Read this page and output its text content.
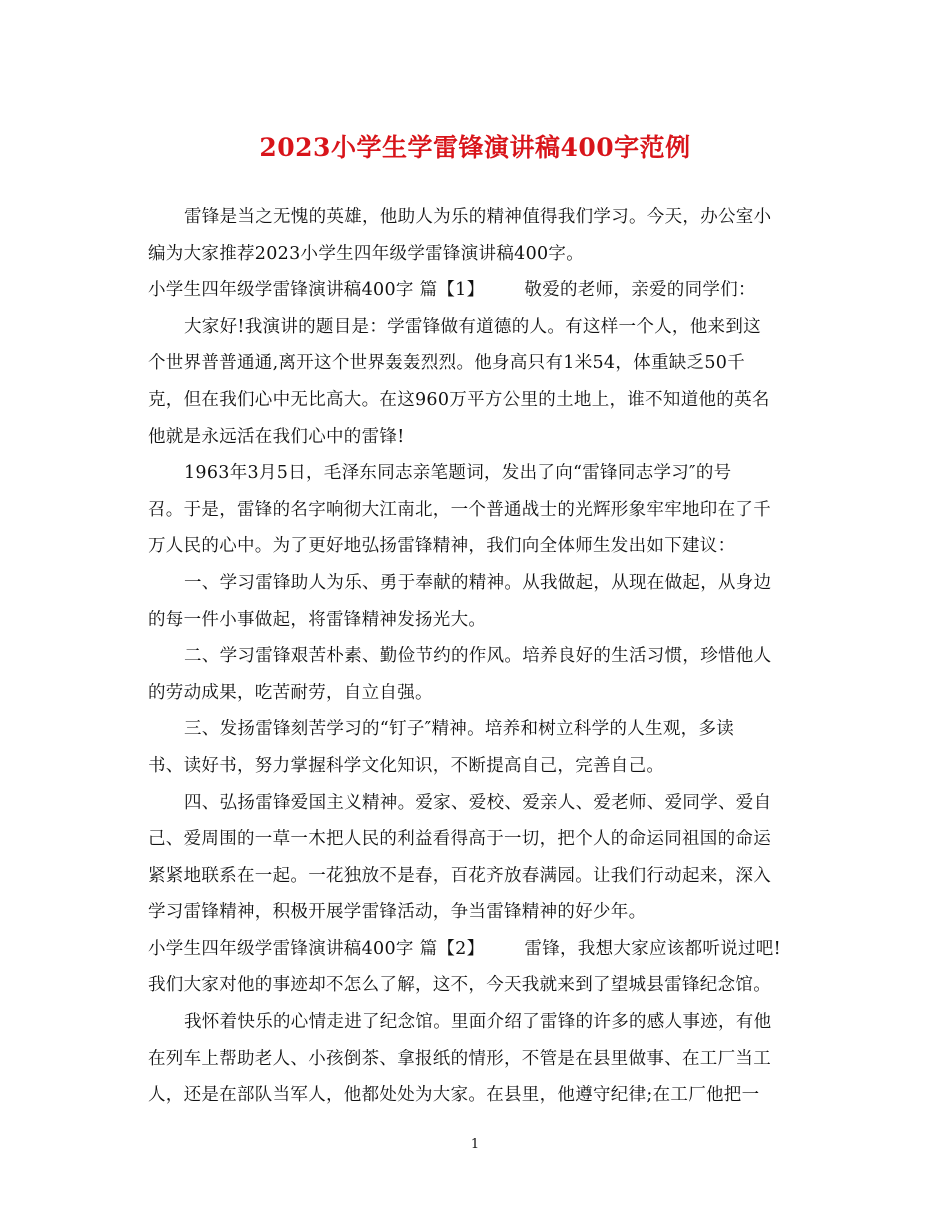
2023小学生学雷锋演讲稿400字范例
雷锋是当之无愧的英雄，他助人为乐的精神值得我们学习。今天，办公室小
编为大家推荐2023小学生四年级学雷锋演讲稿400字。
小学生四年级学雷锋演讲稿400字 篇【1】 敬爱的老师，亲爱的同学们：
大家好!我演讲的题目是：学雷锋做有道德的人。有这样一个人，他来到这
个世界普普通通,离开这个世界轰轰烈烈。他身高只有1米54，体重缺乏50千
克，但在我们心中无比高大。在这960万平方公里的土地上，谁不知道他的英名
他就是永远活在我们心中的雷锋!
1963年3月5日，毛泽东同志亲笔题词，发出了向“雷锋同志学习″的号
召。于是，雷锋的名字响彻大江南北，一个普通战士的光辉形象牢牢地印在了千
万人民的心中。为了更好地弘扬雷锋精神，我们向全体师生发出如下建议：
一、学习雷锋助人为乐、勇于奉献的精神。从我做起，从现在做起，从身边
的每一件小事做起，将雷锋精神发扬光大。
二、学习雷锋艰苦朴素、勤俭节约的作风。培养良好的生活习惯，珍惜他人
的劳动成果，吃苦耐劳，自立自强。
三、发扬雷锋刻苦学习的“钉子″精神。培养和树立科学的人生观，多读
书、读好书，努力掌握科学文化知识，不断提高自己，完善自己。
四、弘扬雷锋爱国主义精神。爱家、爱校、爱亲人、爱老师、爱同学、爱自
己、爱周围的一草一木把人民的利益看得高于一切，把个人的命运同祖国的命运
紧紧地联系在一起。一花独放不是春，百花齐放春满园。让我们行动起来，深入
学习雷锋精神，积极开展学雷锋活动，争当雷锋精神的好少年。
小学生四年级学雷锋演讲稿400字 篇【2】 雷锋，我想大家应该都听说过吧!
我们大家对他的事迹却不怎么了解，这不，今天我就来到了望城县雷锋纪念馆。
我怀着快乐的心情走进了纪念馆。里面介绍了雷锋的许多的感人事迹，有他
在列车上帮助老人、小孩倒茶、拿报纸的情形，不管是在县里做事、在工厂当工
人，还是在部队当军人，他都处处为大家。在县里，他遵守纪律;在工厂他把一
1
